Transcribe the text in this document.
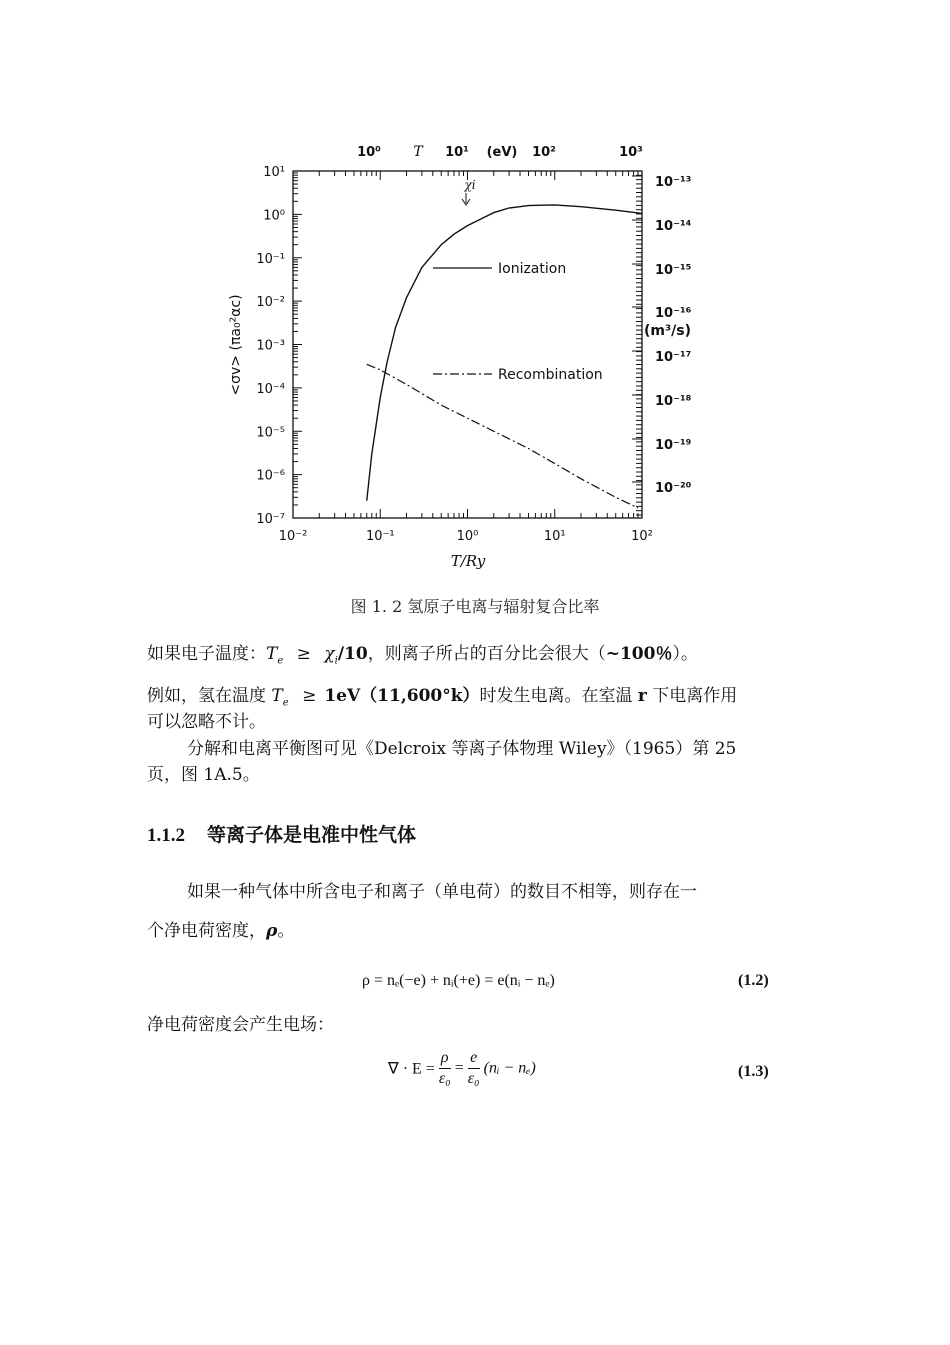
10⁻²	10⁻¹	10⁰	10¹	10²
10¹
10⁰
10⁻¹
10⁻²
10⁻³
10⁻⁴
10⁻⁵
10⁻⁶
10⁻⁷
10⁻¹³
10⁻¹⁴
10⁻¹⁵
10⁻¹⁶
10⁻¹⁷
10⁻¹⁸
10⁻¹⁹
10⁻²⁰
(m³/s)
10⁰	10¹	10²	10³
T	(eV)
T/Ry
<σv> (πa₀²αc)
χi
Ionization
Recombination
图 1. 2 氢原子电离与辐射复合比率
如果电子温度：$T_e \ge \chi_i/10$，则离子所占的百分比会很大（~100％）。
例如，氢在温度 $T_e \ge 1eV(11,600^\circ k)$时发生电离。在室温 r 下电离作用
可以忽略不计。
分解和电离平衡图可见《Delcroix 等离子体物理 Wiley》（1965）第 25
页，图 1A.5。
1.1.2 等离子体是电准中性气体
如果一种气体中所含电子和离子（单电荷）的数目不相等，则存在一
个净电荷密度，ρ。
ρ = nₑ(−e) + nᵢ(+e) = e(nᵢ − nₑ)	(1.2)
净电荷密度会产生电场：
∇ · $E = \frac{\rho}{\text{ε₀}} = \frac{e}{\text{ε₀}}$ (nᵢ − nₑ)	(1.3)
